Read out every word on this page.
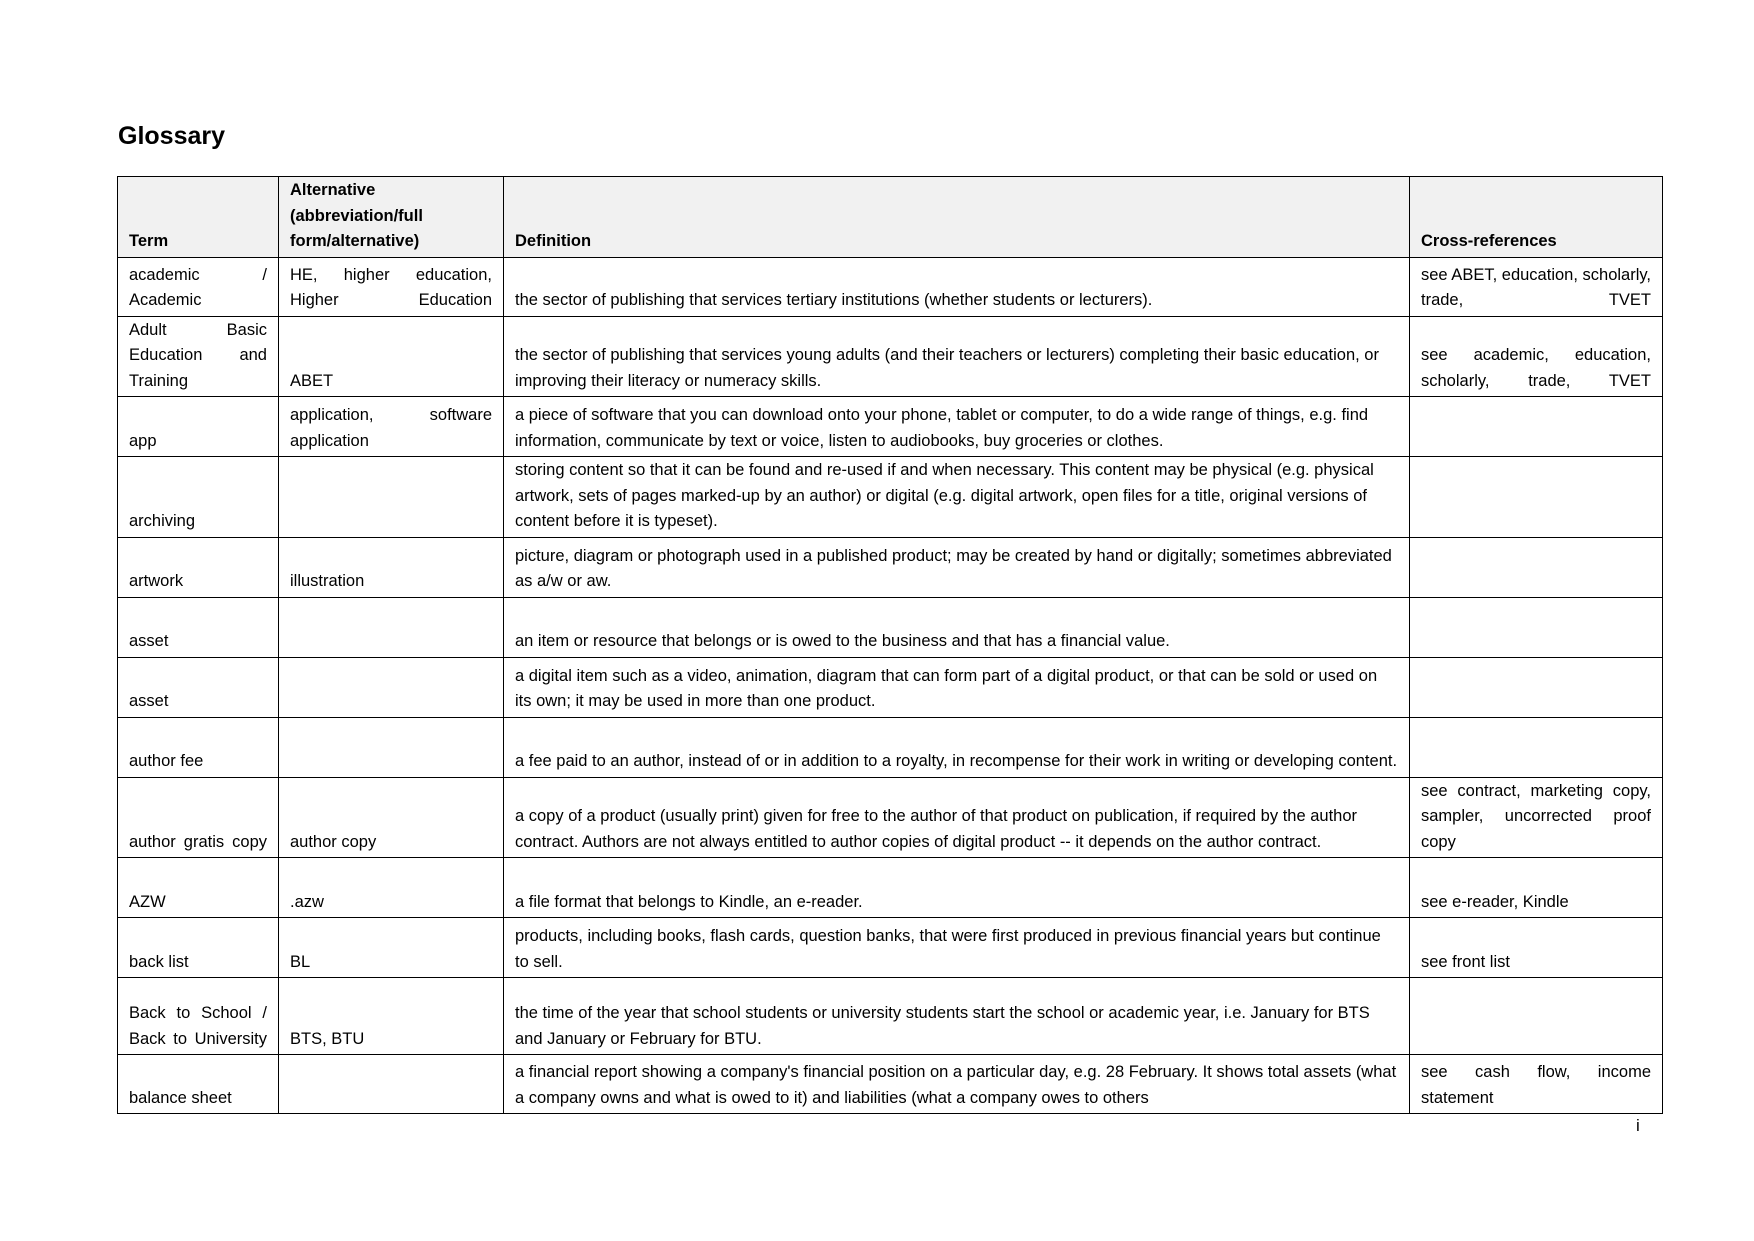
Glossary
Term	Alternative (abbreviation/full form/alternative)	Definition	Cross-references
academic / Academic	HE, higher education, Higher Education	the sector of publishing that services tertiary institutions (whether students or lecturers).	see ABET, education, scholarly, trade, TVET
Adult Basic Education and Training	ABET	the sector of publishing that services young adults (and their teachers or lecturers) completing their basic education, or improving their literacy or numeracy skills.	see academic, education, scholarly, trade, TVET
app	application, software application	a piece of software that you can download onto your phone, tablet or computer, to do a wide range of things, e.g. find information, communicate by text or voice, listen to audiobooks, buy groceries or clothes.	
archiving		storing content so that it can be found and re-used if and when necessary. This content may be physical (e.g. physical artwork, sets of pages marked-up by an author) or digital (e.g. digital artwork, open files for a title, original versions of content before it is typeset).	
artwork	illustration	picture, diagram or photograph used in a published product; may be created by hand or digitally; sometimes abbreviated as a/w or aw.	
asset		an item or resource that belongs or is owed to the business and that has a financial value.	
asset		a digital item such as a video, animation, diagram that can form part of a digital product, or that can be sold or used on its own; it may be used in more than one product.	
author fee		a fee paid to an author, instead of or in addition to a royalty, in recompense for their work in writing or developing content.	
author gratis copy	author copy	a copy of a product (usually print) given for free to the author of that product on publication, if required by the author contract. Authors are not always entitled to author copies of digital product -- it depends on the author contract.	see contract, marketing copy, sampler, uncorrected proof copy
AZW	.azw	a file format that belongs to Kindle, an e-reader.	see e-reader, Kindle
back list	BL	products, including books, flash cards, question banks, that were first produced in previous financial years but continue to sell.	see front list
Back to School / Back to University	BTS, BTU	the time of the year that school students or university students start the school or academic year, i.e. January for BTS and January or February for BTU.	
balance sheet		a financial report showing a company's financial position on a particular day, e.g. 28 February. It shows total assets (what a company owns and what is owed to it) and liabilities (what a company owes to others	see cash flow, income statement
i
